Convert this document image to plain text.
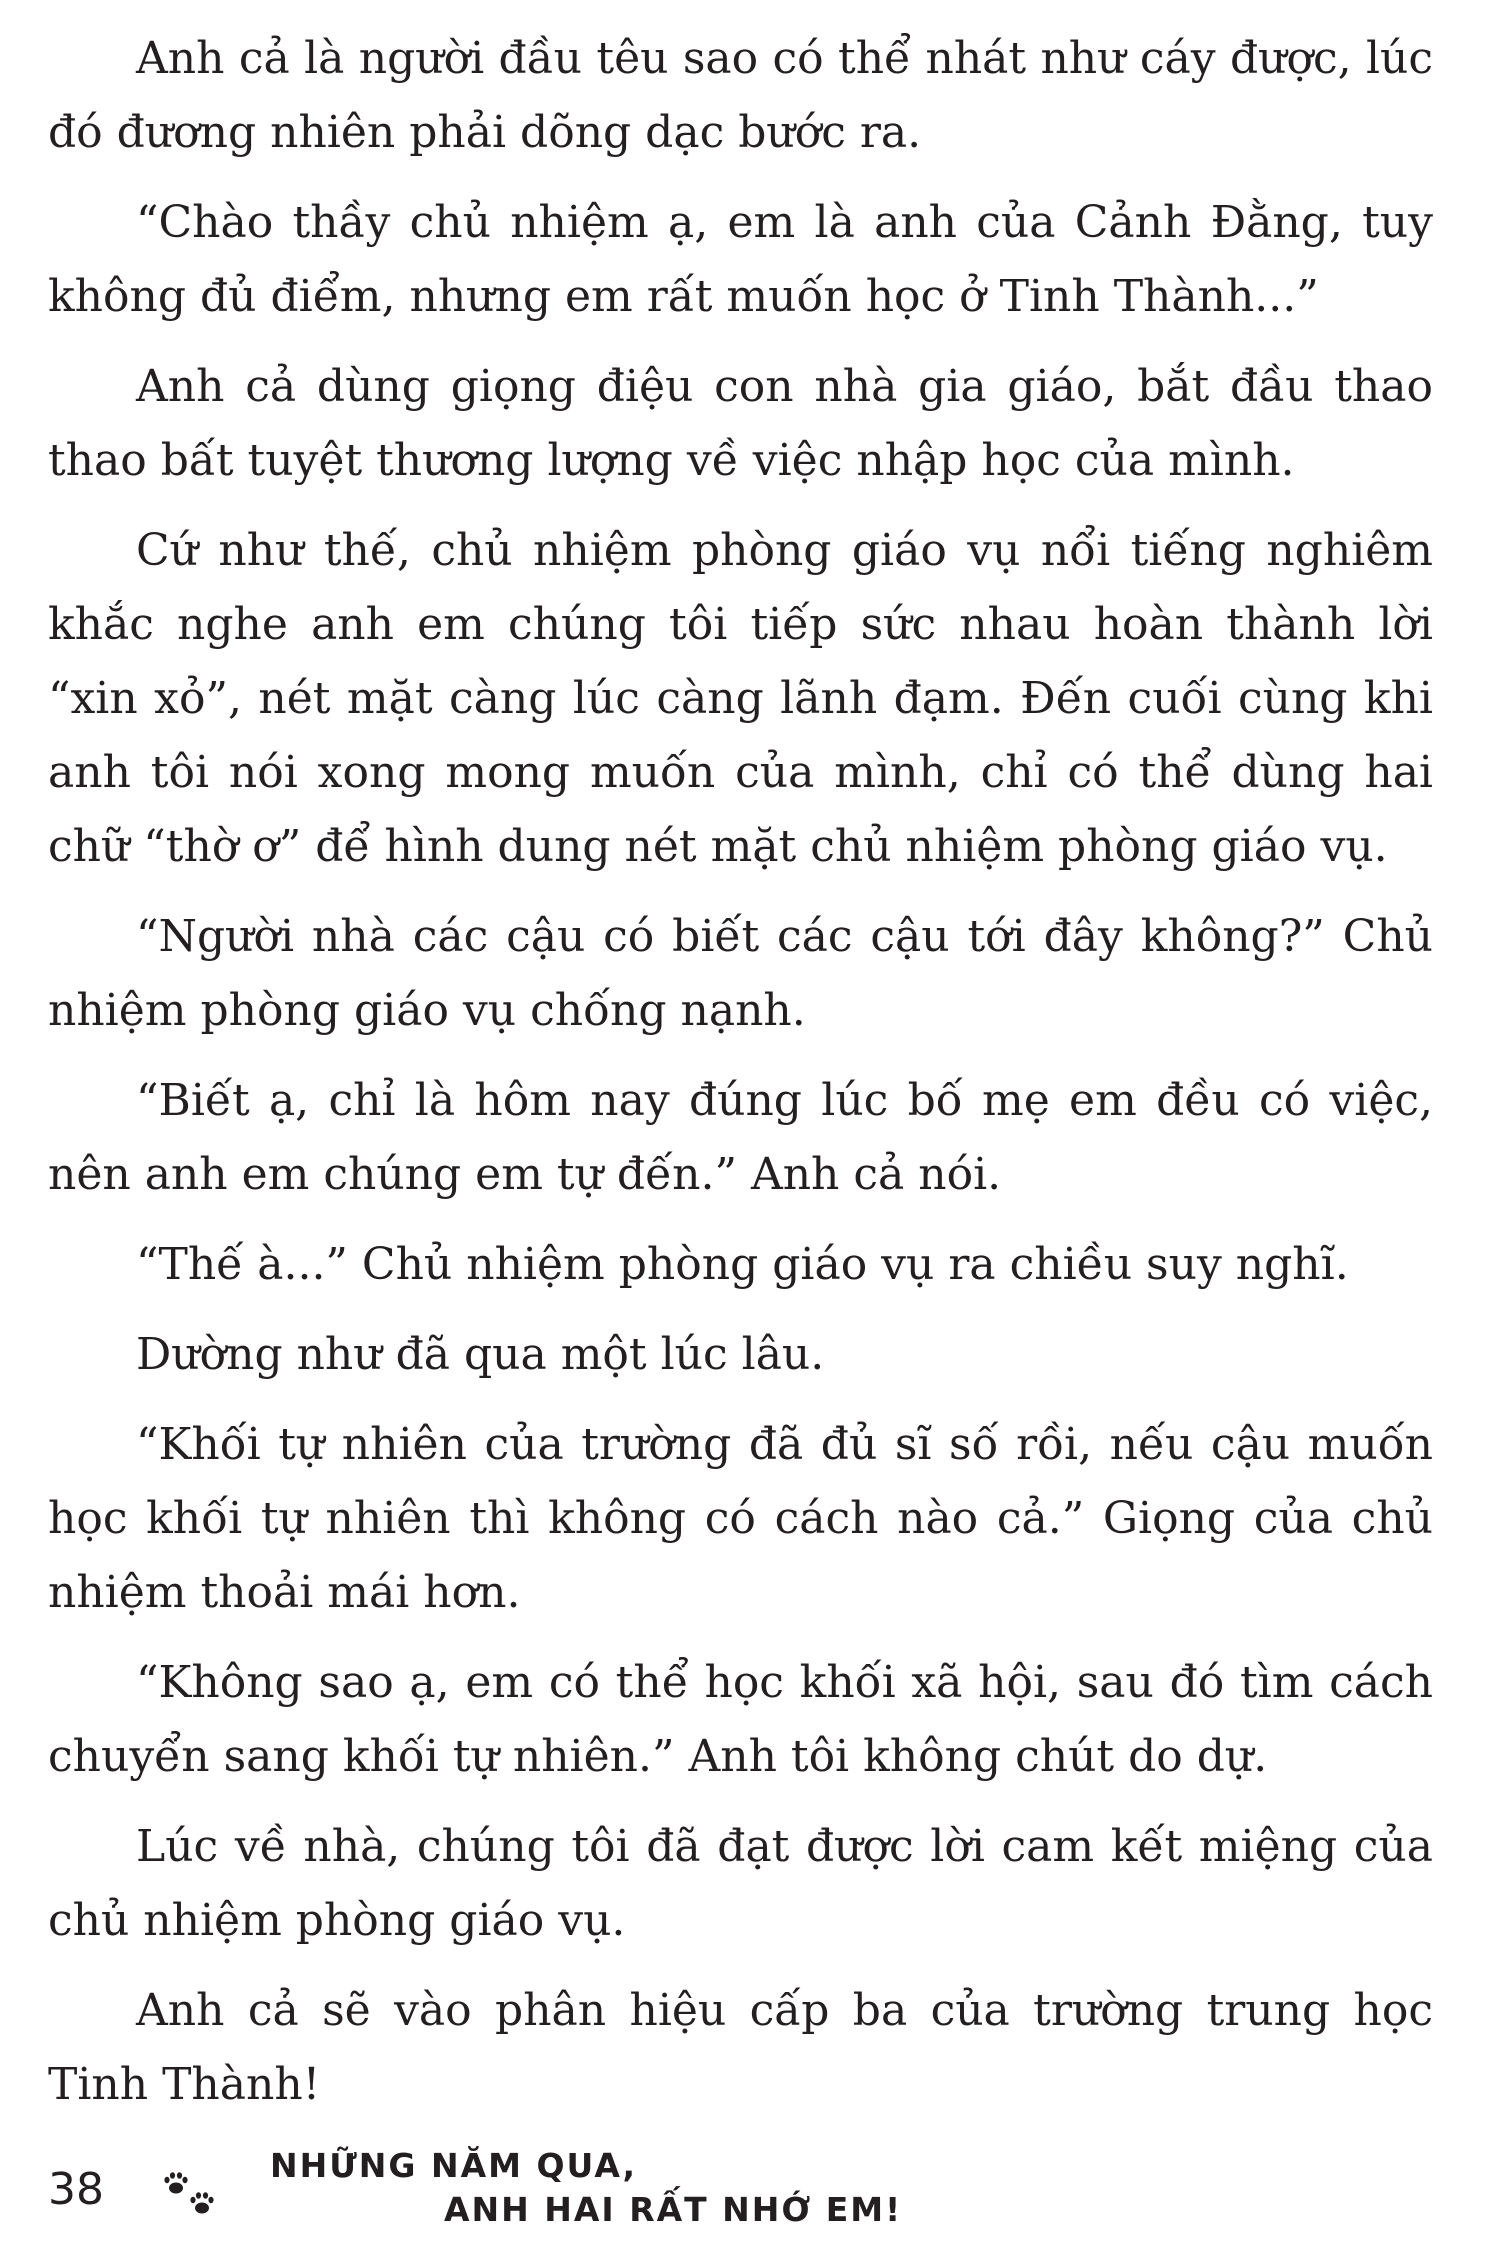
Anh cả là người đầu têu sao có thể nhát như cáy được, lúc đó đương nhiên phải dõng dạc bước ra.

“Chào thầy chủ nhiệm ạ, em là anh của Cảnh Đằng, tuy không đủ điểm, nhưng em rất muốn học ở Tinh Thành...”

Anh cả dùng giọng điệu con nhà gia giáo, bắt đầu thao thao bất tuyệt thương lượng về việc nhập học của mình.

Cứ như thế, chủ nhiệm phòng giáo vụ nổi tiếng nghiêm khắc nghe anh em chúng tôi tiếp sức nhau hoàn thành lời “xin xỏ”, nét mặt càng lúc càng lãnh đạm. Đến cuối cùng khi anh tôi nói xong mong muốn của mình, chỉ có thể dùng hai chữ “thờ ơ” để hình dung nét mặt chủ nhiệm phòng giáo vụ.

“Người nhà các cậu có biết các cậu tới đây không?” Chủ nhiệm phòng giáo vụ chống nạnh.

“Biết ạ, chỉ là hôm nay đúng lúc bố mẹ em đều có việc, nên anh em chúng em tự đến.” Anh cả nói.

“Thế à...” Chủ nhiệm phòng giáo vụ ra chiều suy nghĩ.

Dường như đã qua một lúc lâu.

“Khối tự nhiên của trường đã đủ sĩ số rồi, nếu cậu muốn học khối tự nhiên thì không có cách nào cả.” Giọng của chủ nhiệm thoải mái hơn.

“Không sao ạ, em có thể học khối xã hội, sau đó tìm cách chuyển sang khối tự nhiên.” Anh tôi không chút do dự.

Lúc về nhà, chúng tôi đã đạt được lời cam kết miệng của chủ nhiệm phòng giáo vụ.

Anh cả sẽ vào phân hiệu cấp ba của trường trung học Tinh Thành!

38	NHỮNG NĂM QUA,
ANH HAI RẤT NHỚ EM!
